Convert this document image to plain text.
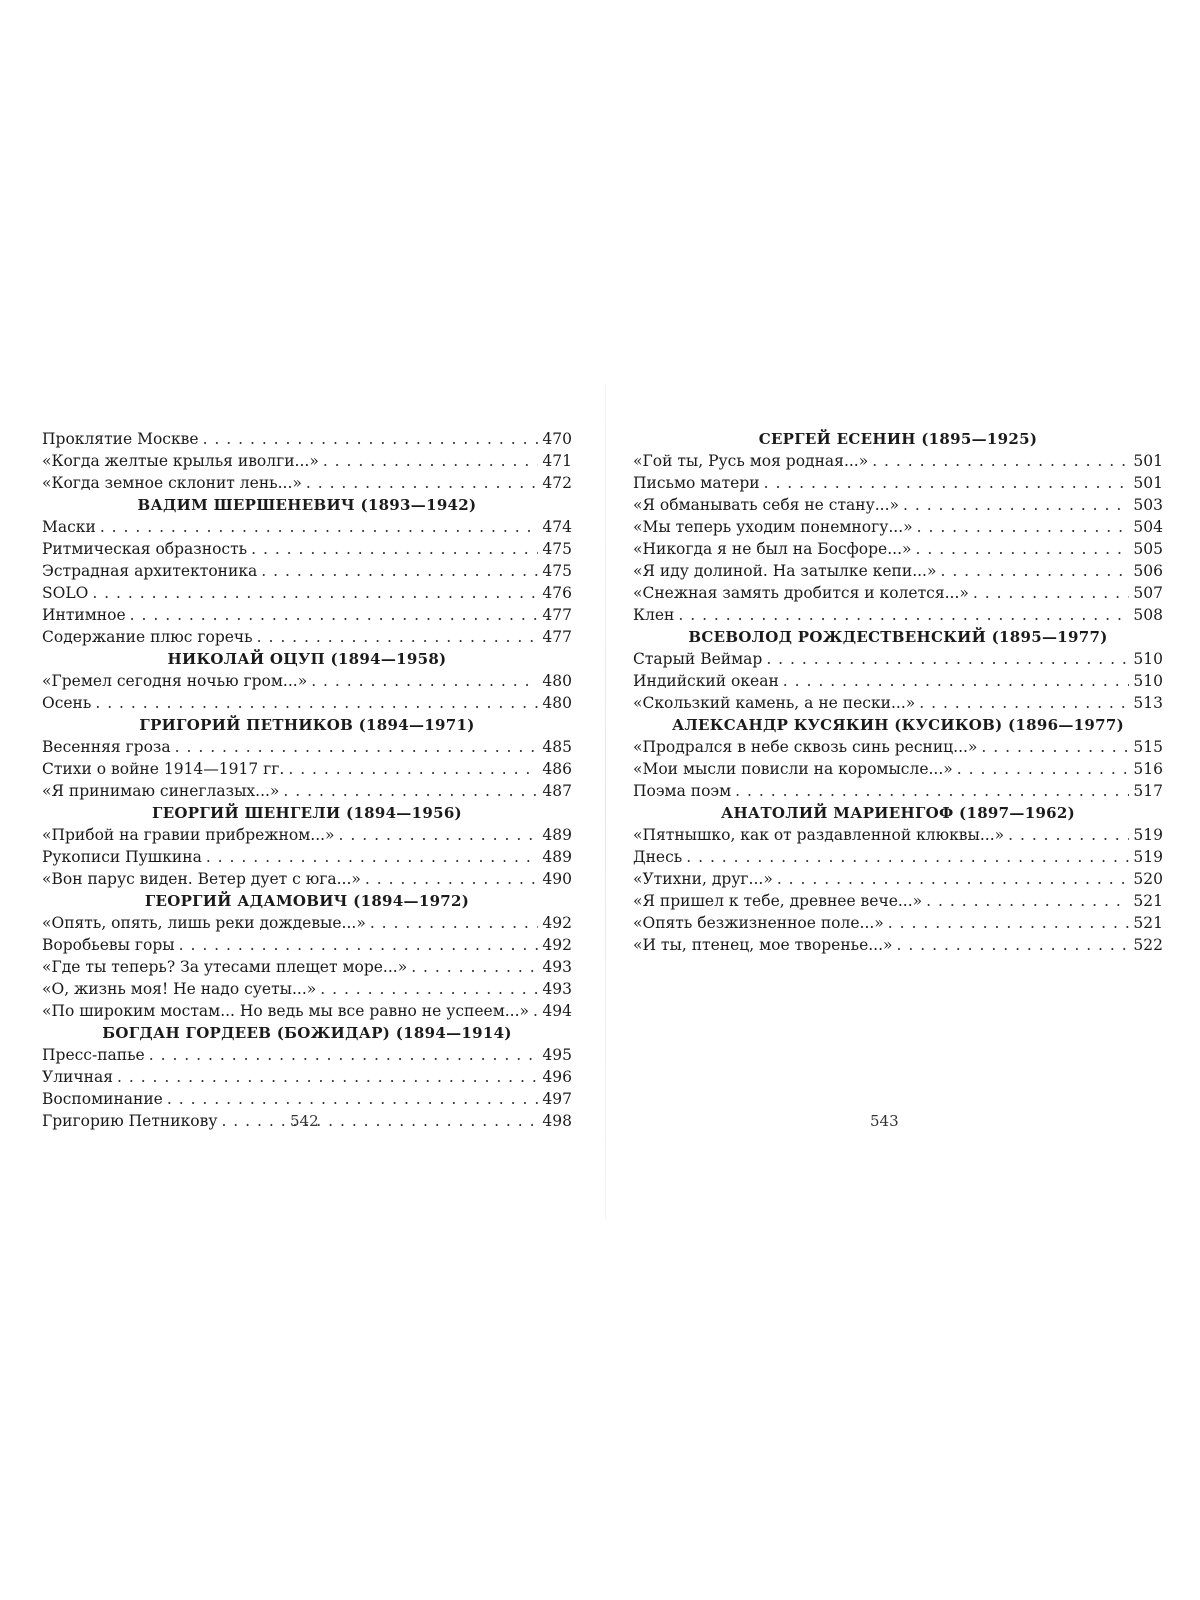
Проклятие Москве . . .	470
«Когда желтые крылья иволги...» . . .	471
«Когда земное склонит лень...» . . .	472
ВАДИМ ШЕРШЕНЕВИЧ (1893—1942)
Маски . . .	474
Ритмическая образность . . .	475
Эстрадная архитектоника . . .	475
SOLO . . .	476
Интимное . . .	477
Содержание плюс горечь . . .	477
НИКОЛАЙ ОЦУП (1894—1958)
«Гремел сегодня ночью гром...» . . .	480
Осень . . .	480
ГРИГОРИЙ ПЕТНИКОВ (1894—1971)
Весенняя гроза . . .	485
Стихи о войне 1914—1917 гг. . . .	486
«Я принимаю синеглазых...» . . .	487
ГЕОРГИЙ ШЕНГЕЛИ (1894—1956)
«Прибой на гравии прибрежном...» . . .	489
Рукописи Пушкина . . .	489
«Вон парус виден. Ветер дует с юга...» . . .	490
ГЕОРГИЙ АДАМОВИЧ (1894—1972)
«Опять, опять, лишь реки дождевые...» . . .	492
Воробьевы горы . . .	492
«Где ты теперь? За утесами плещет море...» . . .	493
«О, жизнь моя! Не надо суеты...» . . .	493
«По широким мостам... Но ведь мы все равно не успеем...» . . . 494
БОГДАН ГОРДЕЕВ (БОЖИДАР) (1894—1914)
Пресс-папье . . .	495
Уличная . . .	496
Воспоминание . . .	497
Григорию Петникову . . .	498
СЕРГЕЙ ЕСЕНИН (1895—1925)
«Гой ты, Русь моя родная...» . . .	501
Письмо матери . . .	501
«Я обманывать себя не стану...» . . .	503
«Мы теперь уходим понемногу...» . . .	504
«Никогда я не был на Босфоре...» . . .	505
«Я иду долиной. На затылке кепи...» . . .	506
«Снежная замять дробится и колется...» . . .	507
Клен . . .	508
ВСЕВОЛОД РОЖДЕСТВЕНСКИЙ (1895—1977)
Старый Веймар . . .	510
Индийский океан . . .	510
«Скользкий камень, а не пески...» . . .	513
АЛЕКСАНДР КУСЯКИН (КУСИКОВ) (1896—1977)
«Продрался в небе сквозь синь ресниц...» . . .	515
«Мои мысли повисли на коромысле...» . . .	516
Поэма поэм . . .	517
АНАТОЛИЙ МАРИЕНГОФ (1897—1962)
«Пятнышко, как от раздавленной клюквы...» . . .	519
Днесь . . .	519
«Утихни, друг...» . . .	520
«Я пришел к тебе, древнее вече...» . . .	521
«Опять безжизненное поле...» . . .	521
«И ты, птенец, мое творенье...» . . .	522
542	543
